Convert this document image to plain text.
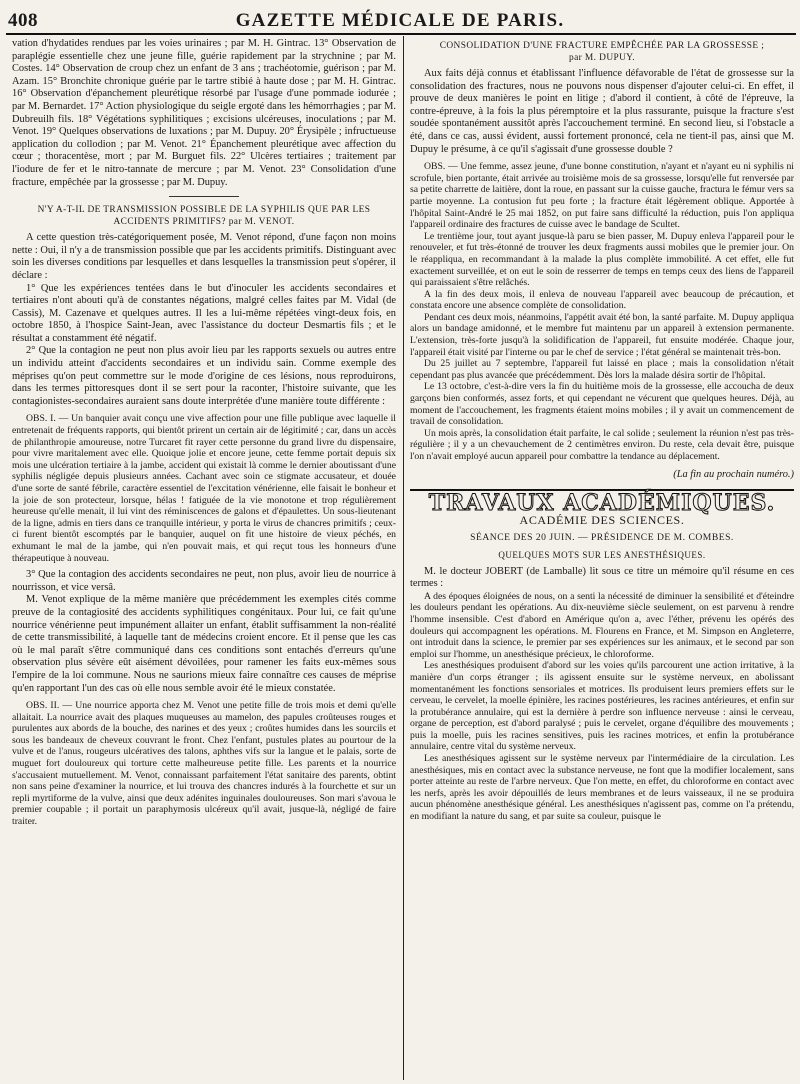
408	GAZETTE MÉDICALE DE PARIS.

vation d'hydatides rendues par les voies urinaires ; par M. H. Gintrac. 13° Observation de paraplégie essentielle chez une jeune fille, guérie rapidement par la strychnine ; par M. Costes. 14° Observation de croup chez un enfant de 3 ans ; trachéotomie, guérison ; par M. Azam. 15° Bronchite chronique guérie par le tartre stibié à haute dose ; par M. H. Gintrac. 16° Observation d'épanchement pleurétique résorbé par l'usage d'une pommade iodurée ; par M. Bernardet. 17° Action physiologique du seigle ergoté dans les hémorrhagies ; par M. Dubreuilh fils. 18° Végétations syphilitiques ; excisions ulcéreuses, inoculations ; par M. Venot. 19° Quelques observations de luxations ; par M. Dupuy. 20° Érysipèle ; infructueuse application du collodion ; par M. Venot. 21° Épanchement pleurétique avec affection du cœur ; thoracentèse, mort ; par M. Burguet fils. 22° Ulcères tertiaires ; traitement par l'iodure de fer et le nitro-tannate de mercure ; par M. Venot. 23° Consolidation d'une fracture, empêchée par la grossesse ; par M. Dupuy.

N'Y A-T-IL DE TRANSMISSION POSSIBLE DE LA SYPHILIS QUE PAR LES ACCIDENTS PRIMITIFS? par M. VENOT.

A cette question très-catégoriquement posée, M. Venot répond, d'une façon non moins nette : Oui, il n'y a de transmission possible que par les accidents primitifs. Distinguant avec soin les diverses conditions par lesquelles et dans lesquelles la transmission peut s'opérer, il déclare :

1° Que les expériences tentées dans le but d'inoculer les accidents secondaires et tertiaires n'ont abouti qu'à de constantes négations, malgré celles faites par M. Vidal (de Cassis), M. Cazenave et quelques autres. Il les a lui-même répétées vingt-deux fois, en octobre 1850, à l'hospice Saint-Jean, avec l'assistance du docteur Desmartis fils ; et le résultat a constamment été négatif.

2° Que la contagion ne peut non plus avoir lieu par les rapports sexuels ou autres entre un individu atteint d'accidents secondaires et un individu sain. Comme exemple des méprises qu'on peut commettre sur le mode d'origine de ces lésions, nous reproduirons, dans les termes pittoresques dont il se sert pour la raconter, l'histoire suivante, que les contagionistes-secondaires auraient sans doute interprétée d'une manière toute différente :

OBS. I. — Un banquier avait conçu une vive affection pour une fille publique avec laquelle il entretenait de fréquents rapports, qui bientôt prirent un certain air de légitimité ; car, dans un accès de philanthropie amoureuse, notre Turcaret fit rayer cette personne du grand livre du dispensaire, pour vivre maritalement avec elle. Quoique jolie et encore jeune, cette femme portait depuis six mois une ulcération tertiaire à la jambe, accident qui existait là comme le dernier aboutissant d'une syphilis négligée depuis plusieurs années. Cachant avec soin ce stigmate accusateur, et douée d'une sorte de santé fébrile, caractère essentiel de l'excitation vénérienne, elle faisait le bonheur et la joie de son protecteur, lorsque, hélas ! fatiguée de la vie monotone et trop régulièrement heureuse qu'elle menait, il lui vint des réminiscences de galons et d'épaulettes. Un sous-lieutenant de la ligne, admis en tiers dans ce tranquille intérieur, y porta le virus de chancres primitifs ; ceux-ci furent bientôt escomptés par le banquier, auquel on fit une histoire de vieux péchés, en exhumant le mal de la jambe, qui n'en pouvait mais, et qui reçut tous les honneurs d'une thérapeutique à nouveau.

3° Que la contagion des accidents secondaires ne peut, non plus, avoir lieu de nourrice à nourrisson, et vice versâ.

M. Venot explique de la même manière que précédemment les exemples cités comme preuve de la contagiosité des accidents syphilitiques congénitaux. Pour lui, ce fait qu'une nourrice vénérienne peut impunément allaiter un enfant, établit suffisamment la non-réalité de cette transmissibilité, à laquelle tant de médecins croient encore. Et il pense que les cas où le mal paraît s'être communiqué dans ces conditions sont entachés d'erreurs qu'une observation plus sévère eût aisément dévoilées, pour ramener les faits eux-mêmes sous l'empire de la loi commune. Nous ne saurions mieux faire connaître ces causes de méprise qu'en rapportant l'un des cas où elle nous semble avoir été le mieux constatée.

OBS. II. — Une nourrice apporta chez M. Venot une petite fille de trois mois et demi qu'elle allaitait. La nourrice avait des plaques muqueuses au mamelon, des papules croûteuses rouges et purulentes aux abords de la bouche, des narines et des yeux ; croûtes humides dans les sourcils et sous les bandeaux de cheveux couvrant le front. Chez l'enfant, pustules plates au pourtour de la vulve et de l'anus, rougeurs ulcératives des talons, aphthes vifs sur la langue et le palais, sorte de muguet fort douloureux qui torture cette malheureuse petite fille. Les parents et la nourrice s'accusaient mutuellement. M. Venot, connaissant parfaitement l'état sanitaire des parents, obtint non sans peine d'examiner la nourrice, et lui trouva des chancres indurés à la fourchette et sur un repli myrtiforme de la vulve, ainsi que deux adénites inguinales douloureuses. Son mari s'avoua le premier coupable ; il portait un paraphymosis ulcéreux qu'il avait, jusque-là, négligé de faire traiter.

CONSOLIDATION D'UNE FRACTURE EMPÊCHÉE PAR LA GROSSESSE ;
par M. DUPUY.

Aux faits déjà connus et établissant l'influence défavorable de l'état de grossesse sur la consolidation des fractures, nous ne pouvons nous dispenser d'ajouter celui-ci. En effet, il prouve de deux manières le point en litige ; d'abord il contient, à côté de l'épreuve, la contre-épreuve, à la fois la plus péremptoire et la plus rassurante, puisque la fracture s'est soudée spontanément aussitôt après l'accouchement terminé. En second lieu, si l'obstacle a été, dans ce cas, aussi évident, aussi fortement prononcé, cela ne tient-il pas, ainsi que M. Dupuy le présume, à ce qu'il s'agissait d'une grossesse double ?

OBS. — Une femme, assez jeune, d'une bonne constitution, n'ayant et n'ayant eu ni syphilis ni scrofule, bien portante, était arrivée au troisième mois de sa grossesse, lorsqu'elle fut renversée par sa petite charrette de laitière, dont la roue, en passant sur la cuisse gauche, fractura le fémur vers sa partie moyenne. La contusion fut peu forte ; la fracture était légèrement oblique. Apportée à l'hôpital Saint-André le 25 mai 1852, on put faire sans difficulté la réduction, puis l'on appliqua l'appareil ordinaire des fractures de cuisse avec le bandage de Scultet.

Le trentième jour, tout ayant jusque-là paru se bien passer, M. Dupuy enleva l'appareil pour le renouveler, et fut très-étonné de trouver les deux fragments aussi mobiles que le premier jour. On le réappliqua, en recommandant à la malade la plus complète immobilité. A cet effet, elle fut exactement surveillée, et on eut le soin de resserrer de temps en temps ceux des liens de l'appareil qui paraissaient s'être relâchés.

A la fin des deux mois, il enleva de nouveau l'appareil avec beaucoup de précaution, et constata encore une absence complète de consolidation.

Pendant ces deux mois, néanmoins, l'appétit avait été bon, la santé parfaite. M. Dupuy appliqua alors un bandage amidonné, et le membre fut maintenu par un appareil à extension permanente. L'extension, très-forte jusqu'à la solidification de l'appareil, fut ensuite modérée. Chaque jour, l'appareil était visité par l'interne ou par le chef de service ; l'état général se maintenait très-bon.

Du 25 juillet au 7 septembre, l'appareil fut laissé en place ; mais la consolidation n'était cependant pas plus avancée que précédemment. Dès lors la malade désira sortir de l'hôpital.

Le 13 octobre, c'est-à-dire vers la fin du huitième mois de la grossesse, elle accoucha de deux garçons bien conformés, assez forts, et qui cependant ne vécurent que quelques heures. Déjà, au moment de l'accouchement, les fragments étaient moins mobiles ; il y avait un commencement de travail de consolidation.

Un mois après, la consolidation était parfaite, le cal solide ; seulement la réunion n'est pas très-régulière ; il y a un chevauchement de 2 centimètres environ. Du reste, cela devait être, puisque l'on n'avait employé aucun appareil pour combattre la tendance au déplacement.

(La fin au prochain numéro.)
TRAVAUX ACADÉMIQUES.
ACADÉMIE DES SCIENCES.
SÉANCE DES 20 JUIN. — PRÉSIDENCE DE M. COMBES.
QUELQUES MOTS SUR LES ANESTHÉSIQUES.

M. le docteur JOBERT (de Lamballe) lit sous ce titre un mémoire qu'il résume en ces termes :

A des époques éloignées de nous, on a senti la nécessité de diminuer la sensibilité et d'éteindre les douleurs pendant les opérations. Au dix-neuvième siècle seulement, on est parvenu à rendre l'homme insensible. C'est d'abord en Amérique qu'on a, avec l'éther, prévenu les opérés des douleurs qui accompagnent les opérations. M. Flourens en France, et M. Simpson en Angleterre, ont introduit dans la science, le premier par ses expériences sur les animaux, et le second par son emploi sur l'homme, un anesthésique précieux, le chloroforme.

Les anesthésiques produisent d'abord sur les voies qu'ils parcourent une action irritative, à la manière d'un corps étranger ; ils agissent ensuite sur le système nerveux, en abolissant momentanément les fonctions sensoriales et motrices. Ils produisent leurs premiers effets sur le cerveau, le cervelet, la moelle épinière, les racines postérieures, les racines antérieures, et enfin sur la protubérance annulaire, qui est la dernière à perdre son influence nerveuse : ainsi le cerveau, organe de perception, est d'abord paralysé ; puis le cervelet, organe d'équilibre des mouvements ; puis la moelle, puis les racines sensitives, puis les racines motrices, et enfin la protubérance annulaire, centre vital du système nerveux.

Les anesthésiques agissent sur le système nerveux par l'intermédiaire de la circulation. Les anesthésiques, mis en contact avec la substance nerveuse, ne font que la modifier localement, sans porter atteinte au reste de l'arbre nerveux. Que l'on mette, en effet, du chloroforme en contact avec les nerfs, après les avoir dépouillés de leurs membranes et de leurs vaisseaux, il ne se produira aucun phénomène anesthésique général. Les anesthésiques n'agissent pas, comme on l'a prétendu, en modifiant la nature du sang, et par suite sa couleur, puisque le
